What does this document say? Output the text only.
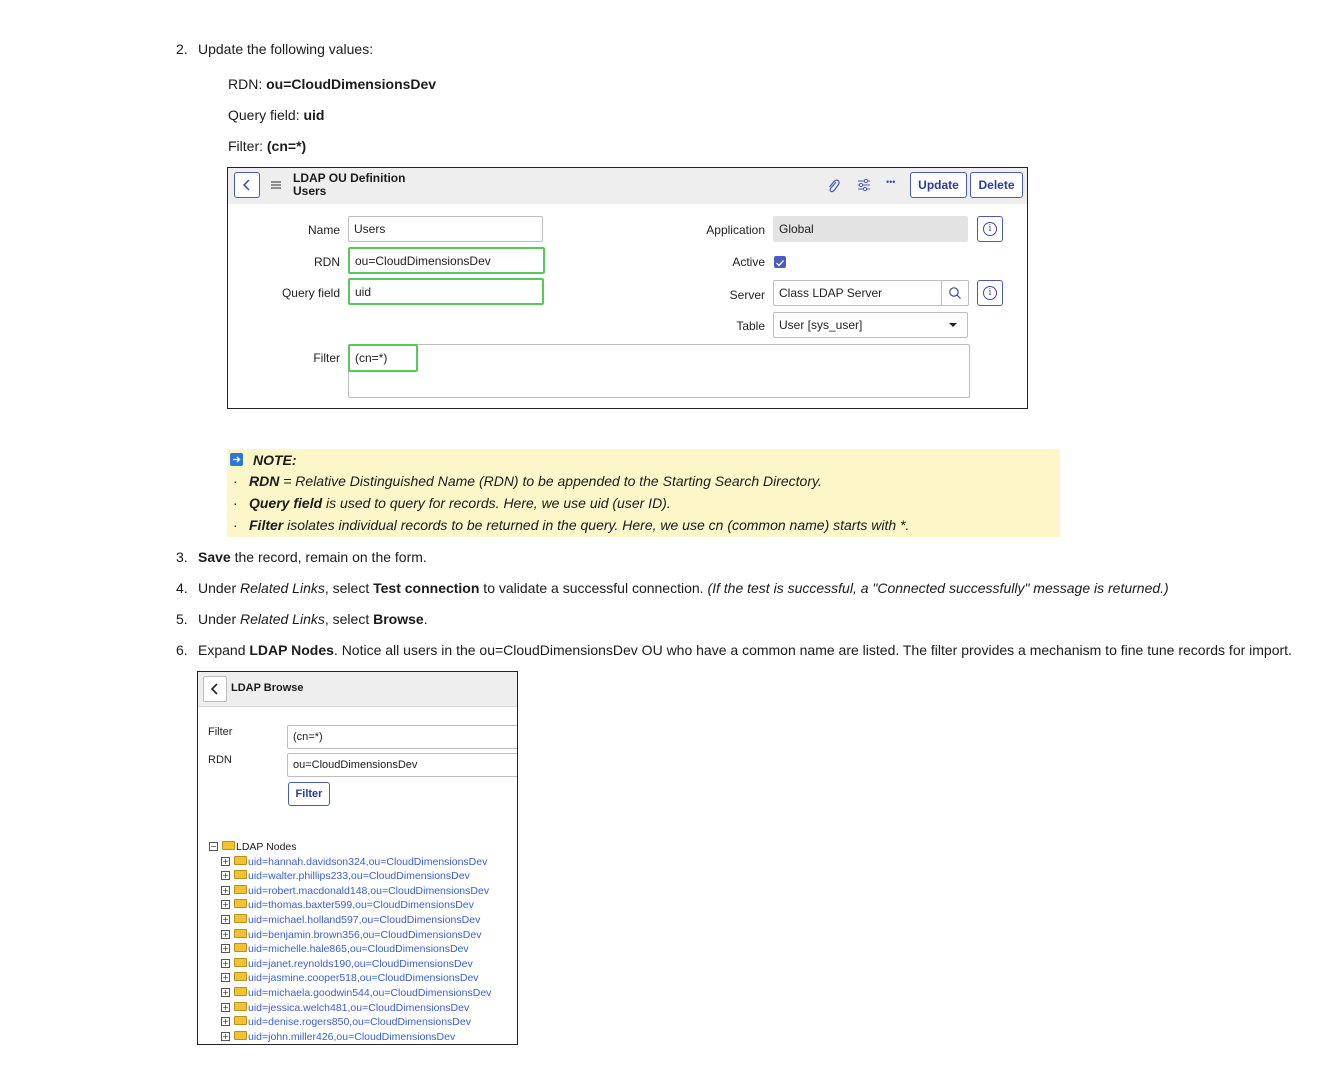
2. Update the following values:
RDN: ou=CloudDimensionsDev
Query field: uid
Filter: (cn=*)
LDAP OU Definition
Users
•••	Update	Delete
Name	Users
RDN	ou=CloudDimensionsDev
Query field	uid
Filter	(cn=*)
Application	Global	i
Active
Server	Class LDAP Server	i
Table	User [sys_user]
NOTE:
· RDN = Relative Distinguished Name (RDN) to be appended to the Starting Search Directory.
· Query field is used to query for records. Here, we use uid (user ID).
· Filter isolates individual records to be returned in the query. Here, we use cn (common name) starts with *.
3. Save the record, remain on the form.
4. Under Related Links, select Test connection to validate a successful connection. (If the test is successful, a "Connected successfully" message is returned.)
5. Under Related Links, select Browse.
6. Expand LDAP Nodes. Notice all users in the ou=CloudDimensionsDev OU who have a common name are listed. The filter provides a mechanism to fine tune records for import.
LDAP Browse
Filter	(cn=*)
RDN	ou=CloudDimensionsDev
Filter
− LDAP Nodes
+ uid=hannah.davidson324,ou=CloudDimensionsDev
+ uid=walter.phillips233,ou=CloudDimensionsDev
+ uid=robert.macdonald148,ou=CloudDimensionsDev
+ uid=thomas.baxter599,ou=CloudDimensionsDev
+ uid=michael.holland597,ou=CloudDimensionsDev
+ uid=benjamin.brown356,ou=CloudDimensionsDev
+ uid=michelle.hale865,ou=CloudDimensionsDev
+ uid=janet.reynolds190,ou=CloudDimensionsDev
+ uid=jasmine.cooper518,ou=CloudDimensionsDev
+ uid=michaela.goodwin544,ou=CloudDimensionsDev
+ uid=jessica.welch481,ou=CloudDimensionsDev
+ uid=denise.rogers850,ou=CloudDimensionsDev
+ uid=john.miller426,ou=CloudDimensionsDev
